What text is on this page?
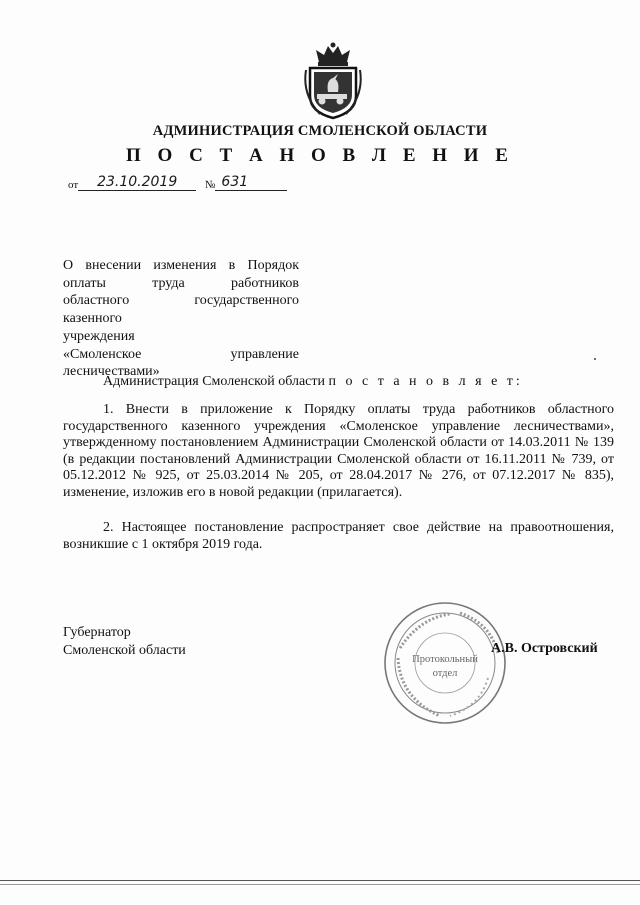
АДМИНИСТРАЦИЯ СМОЛЕНСКОЙ ОБЛАСТИ
П О С Т А Н О В Л Е Н И Е
от	23.10.2019	№ 631
О внесении изменения в Порядок
оплаты труда работников
областного государственного
казенного учреждения
«Смоленское управление
лесничествами»
Администрация Смоленской области п о с т а н о в л я е т:
1. Внести в приложение к Порядку оплаты труда работников областного государственного казенного учреждения «Смоленское управление лесничествами», утвержденному постановлением Администрации Смоленской области от 14.03.2011 № 139 (в редакции постановлений Администрации Смоленской области от 16.11.2011 № 739, от 05.12.2012 № 925, от 25.03.2014 № 205, от 28.04.2017 № 276, от 07.12.2017 № 835), изменение, изложив его в новой редакции (прилагается).
2. Настоящее постановление распространяет свое действие на правоотношения, возникшие с 1 октября 2019 года.
Губернатор
Смоленской области
Протокольный
отдел
А.В. Островский
